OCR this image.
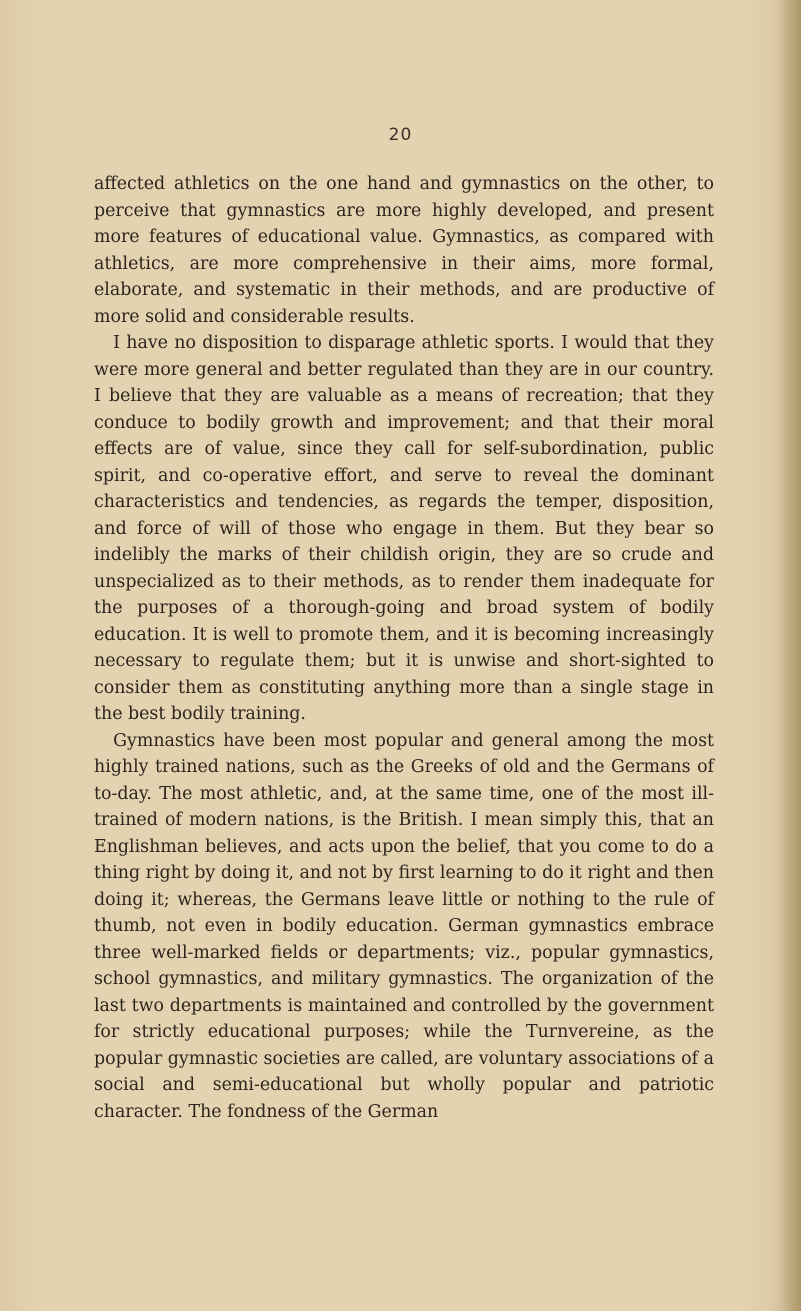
20

affected athletics on the one hand and gymnastics on the other, to perceive that gymnastics are more highly developed, and present more features of educational value. Gymnastics, as compared with athletics, are more comprehensive in their aims, more formal, elaborate, and systematic in their methods, and are productive of more solid and considerable results.

I have no disposition to disparage athletic sports. I would that they were more general and better regulated than they are in our country. I believe that they are valuable as a means of recreation; that they conduce to bodily growth and improvement; and that their moral effects are of value, since they call for self-subordination, public spirit, and co-operative effort, and serve to reveal the dominant characteristics and tendencies, as regards the temper, disposition, and force of will of those who engage in them. But they bear so indelibly the marks of their childish origin, they are so crude and unspecialized as to their methods, as to render them inadequate for the purposes of a thorough-going and broad system of bodily education. It is well to promote them, and it is becoming increasingly necessary to regulate them; but it is unwise and short-sighted to consider them as constituting anything more than a single stage in the best bodily training.

Gymnastics have been most popular and general among the most highly trained nations, such as the Greeks of old and the Germans of to-day. The most athletic, and, at the same time, one of the most ill-trained of modern nations, is the British. I mean simply this, that an Englishman believes, and acts upon the belief, that you come to do a thing right by doing it, and not by first learning to do it right and then doing it; whereas, the Germans leave little or nothing to the rule of thumb, not even in bodily education. German gymnastics embrace three well-marked fields or departments; viz., popular gymnastics, school gymnastics, and military gymnastics. The organization of the last two departments is maintained and controlled by the government for strictly educational purposes; while the Turnvereine, as the popular gymnastic societies are called, are voluntary associations of a social and semi-educational but wholly popular and patriotic character. The fondness of the German
